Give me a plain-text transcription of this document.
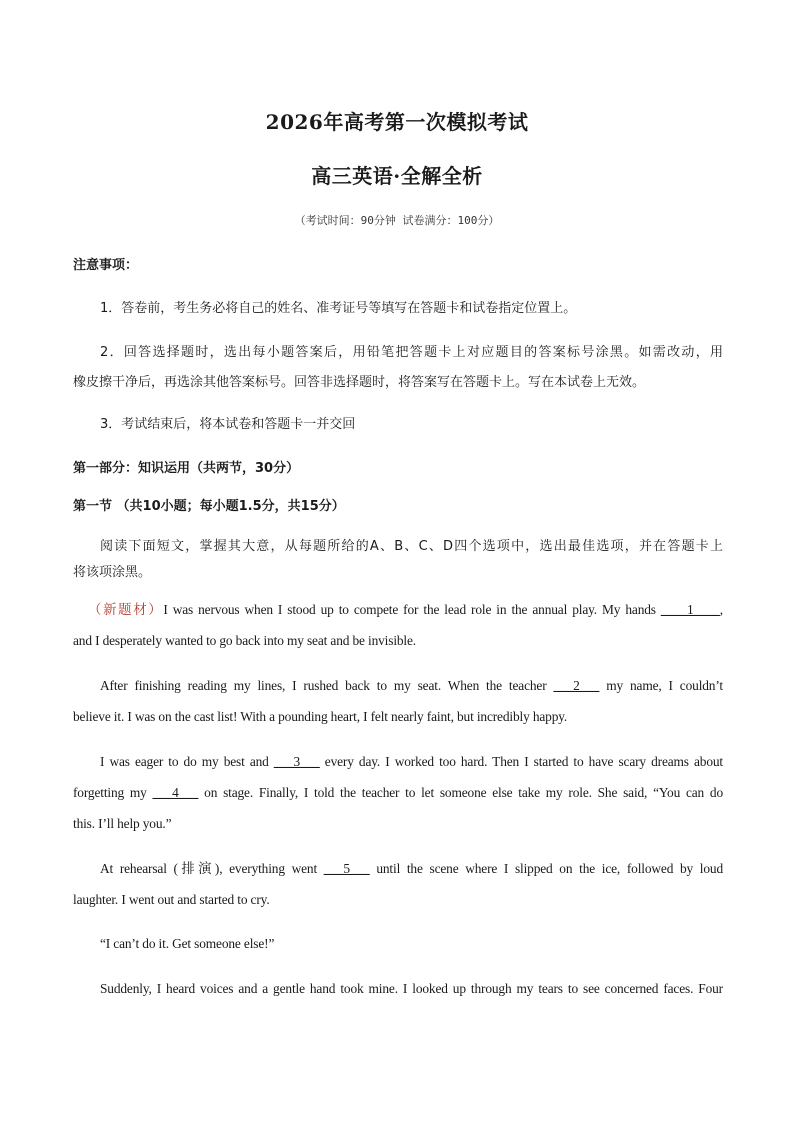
2026年高考第一次模拟考试
高三英语·全解全析
（考试时间：90分钟 试卷满分：100分）
注意事项：
1．答卷前，考生务必将自己的姓名、准考证号等填写在答题卡和试卷指定位置上。
2．回答选择题时，选出每小题答案后，用铅笔把答题卡上对应题目的答案标号涂黑。如需改动，用
橡皮擦干净后，再选涂其他答案标号。回答非选择题时，将答案写在答题卡上。写在本试卷上无效。
3．考试结束后，将本试卷和答题卡一并交回
第一部分：知识运用（共两节，30分）
第一节 （共10小题；每小题1.5分，共15分）
阅读下面短文，掌握其大意，从每题所给的A、B、C、D四个选项中，选出最佳选项，并在答题卡上
将该项涂黑。
（新题材）I was nervous when I stood up to compete for the lead role in the annual play. My hands ____1____,
and I desperately wanted to go back into my seat and be invisible.
After finishing reading my lines, I rushed back to my seat. When the teacher ___2___ my name, I couldn’t
believe it. I was on the cast list! With a pounding heart, I felt nearly faint, but incredibly happy.
I was eager to do my best and ___3___ every day. I worked too hard. Then I started to have scary dreams about
forgetting my ___4___ on stage. Finally, I told the teacher to let someone else take my role. She said, “You can do
this. I’ll help you.”
At rehearsal (排演), everything went ___5___ until the scene where I slipped on the ice, followed by loud
laughter. I went out and started to cry.
“I can’t do it. Get someone else!”
Suddenly, I heard voices and a gentle hand took mine. I looked up through my tears to see concerned faces. Four
